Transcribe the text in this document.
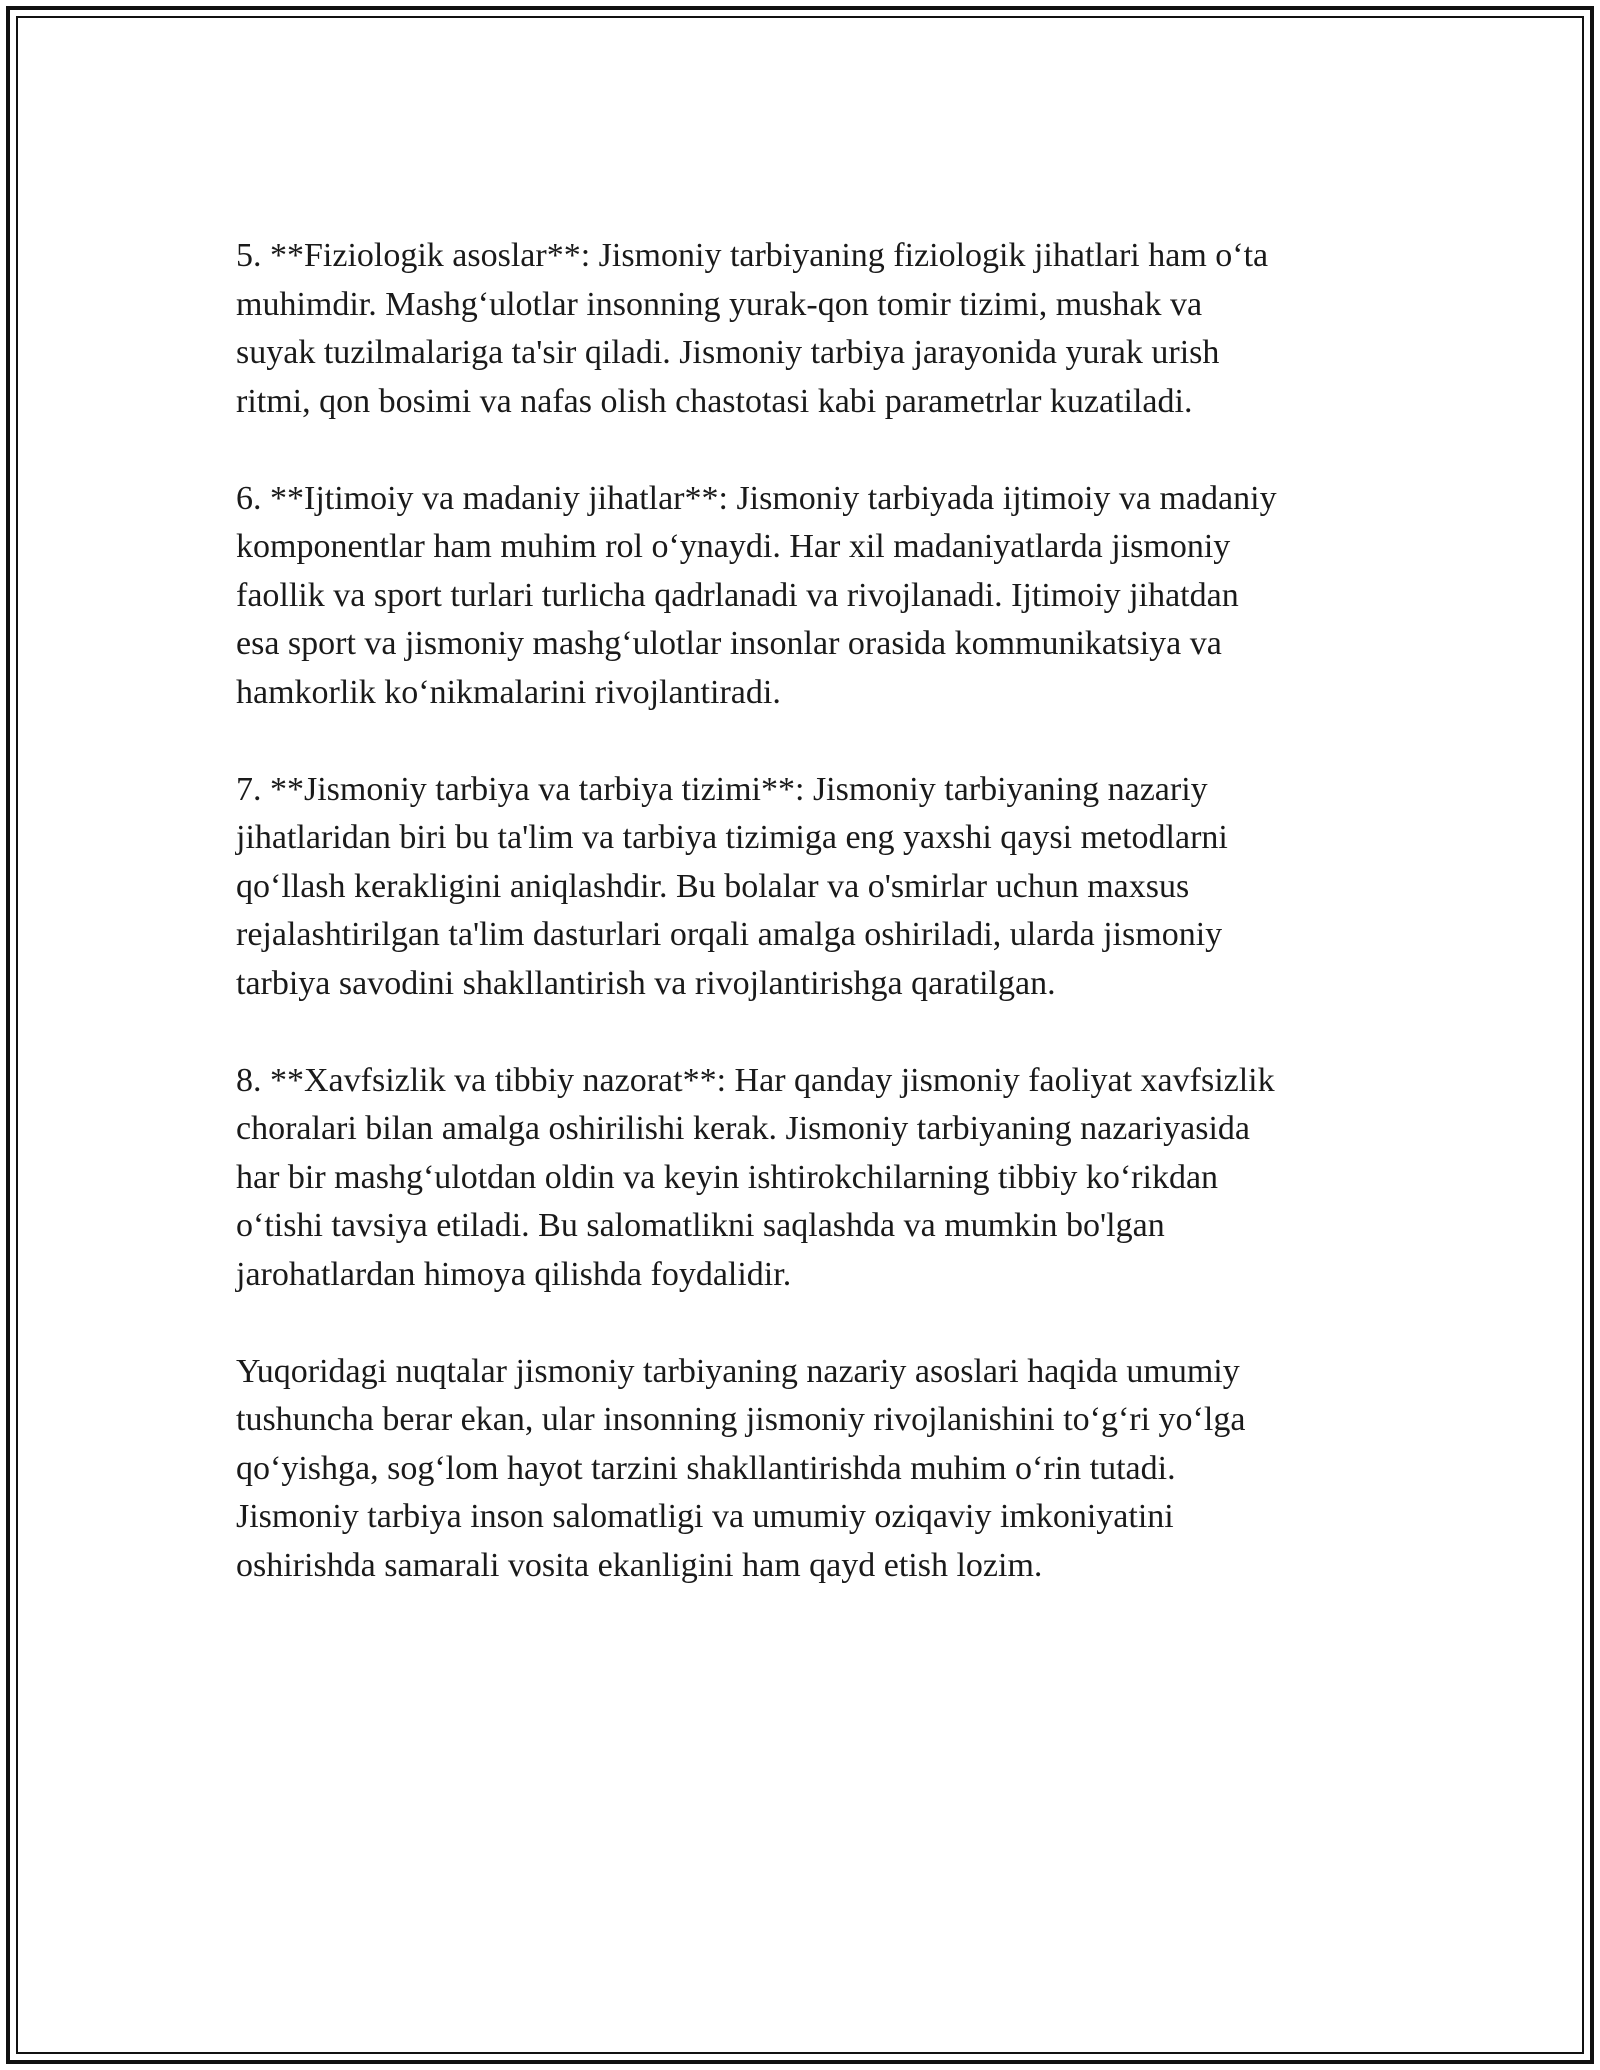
5. **Fiziologik asoslar**: Jismoniy tarbiyaning fiziologik jihatlari ham o‘ta
muhimdir. Mashg‘ulotlar insonning yurak-qon tomir tizimi, mushak va
suyak tuzilmalariga ta'sir qiladi. Jismoniy tarbiya jarayonida yurak urish
ritmi, qon bosimi va nafas olish chastotasi kabi parametrlar kuzatiladi.

6. **Ijtimoiy va madaniy jihatlar**: Jismoniy tarbiyada ijtimoiy va madaniy
komponentlar ham muhim rol o‘ynaydi. Har xil madaniyatlarda jismoniy
faollik va sport turlari turlicha qadrlanadi va rivojlanadi. Ijtimoiy jihatdan
esa sport va jismoniy mashg‘ulotlar insonlar orasida kommunikatsiya va
hamkorlik ko‘nikmalarini rivojlantiradi.

7. **Jismoniy tarbiya va tarbiya tizimi**: Jismoniy tarbiyaning nazariy
jihatlaridan biri bu ta'lim va tarbiya tizimiga eng yaxshi qaysi metodlarni
qo‘llash kerakligini aniqlashdir. Bu bolalar va o'smirlar uchun maxsus
rejalashtirilgan ta'lim dasturlari orqali amalga oshiriladi, ularda jismoniy
tarbiya savodini shakllantirish va rivojlantirishga qaratilgan.

8. **Xavfsizlik va tibbiy nazorat**: Har qanday jismoniy faoliyat xavfsizlik
choralari bilan amalga oshirilishi kerak. Jismoniy tarbiyaning nazariyasida
har bir mashg‘ulotdan oldin va keyin ishtirokchilarning tibbiy ko‘rikdan
o‘tishi tavsiya etiladi. Bu salomatlikni saqlashda va mumkin bo'lgan
jarohatlardan himoya qilishda foydalidir.

Yuqoridagi nuqtalar jismoniy tarbiyaning nazariy asoslari haqida umumiy
tushuncha berar ekan, ular insonning jismoniy rivojlanishini to‘g‘ri yo‘lga
qo‘yishga, sog‘lom hayot tarzini shakllantirishda muhim o‘rin tutadi.
Jismoniy tarbiya inson salomatligi va umumiy oziqaviy imkoniyatini
oshirishda samarali vosita ekanligini ham qayd etish lozim.
